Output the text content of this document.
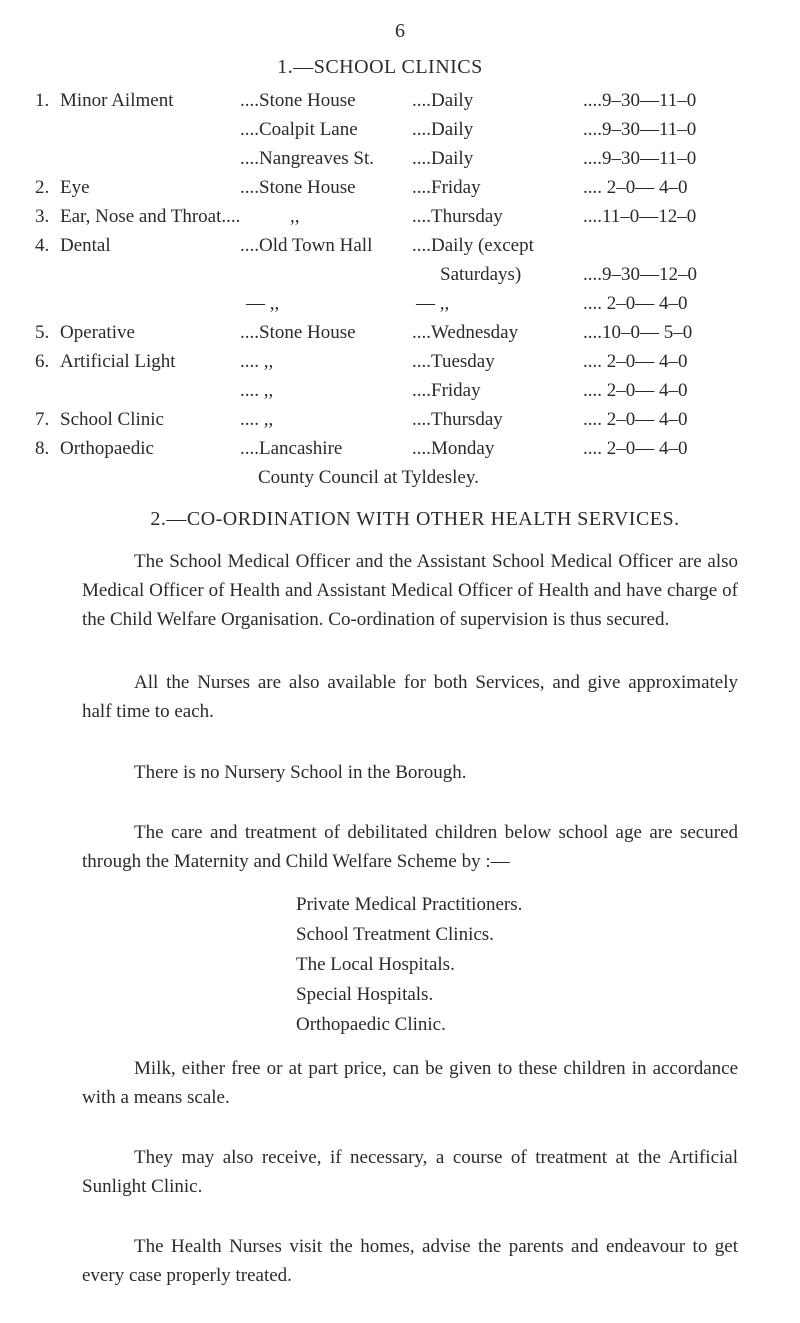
6
1.—SCHOOL CLINICS
1. Minor Ailment	....Stone House	....Daily	....9–30—11–0
....Coalpit Lane	....Daily	....9–30—11–0
....Nangreaves St. ....Daily	....9–30—11–0
2. Eye	....Stone House	....Friday	.... 2–0— 4–0
3. Ear, Nose and Throat....	,,	....Thursday	....11–0—12–0
4. Dental	....Old Town Hall ....Daily (except
Saturdays)	....9–30—12–0
— ,,	— ,,	.... 2–0— 4–0
5. Operative	....Stone House	....Wednesday	....10–0— 5–0
6. Artificial Light	.... ,,	....Tuesday	.... 2–0— 4–0
.... ,,	....Friday	.... 2–0— 4–0
7. School Clinic	.... ,,	....Thursday	.... 2–0— 4–0
8. Orthopaedic	....Lancashire	....Monday	.... 2–0— 4–0
County Council at Tyldesley.
2.—CO-ORDINATION WITH OTHER HEALTH SERVICES.

The School Medical Officer and the Assistant School Medical Officer are also Medical Officer of Health and Assistant Medical Officer of Health and have charge of the Child Welfare Organisation. Co-ordination of supervision is thus secured.

All the Nurses are also available for both Services, and give approximately half time to each.

There is no Nursery School in the Borough.

The care and treatment of debilitated children below school age are secured through the Maternity and Child Welfare Scheme by :—

Private Medical Practitioners.
School Treatment Clinics.
The Local Hospitals.
Special Hospitals.
Orthopaedic Clinic.

Milk, either free or at part price, can be given to these children in accordance with a means scale.

They may also receive, if necessary, a course of treatment at the Artificial Sunlight Clinic.

The Health Nurses visit the homes, advise the parents and endeavour to get every case properly treated.
